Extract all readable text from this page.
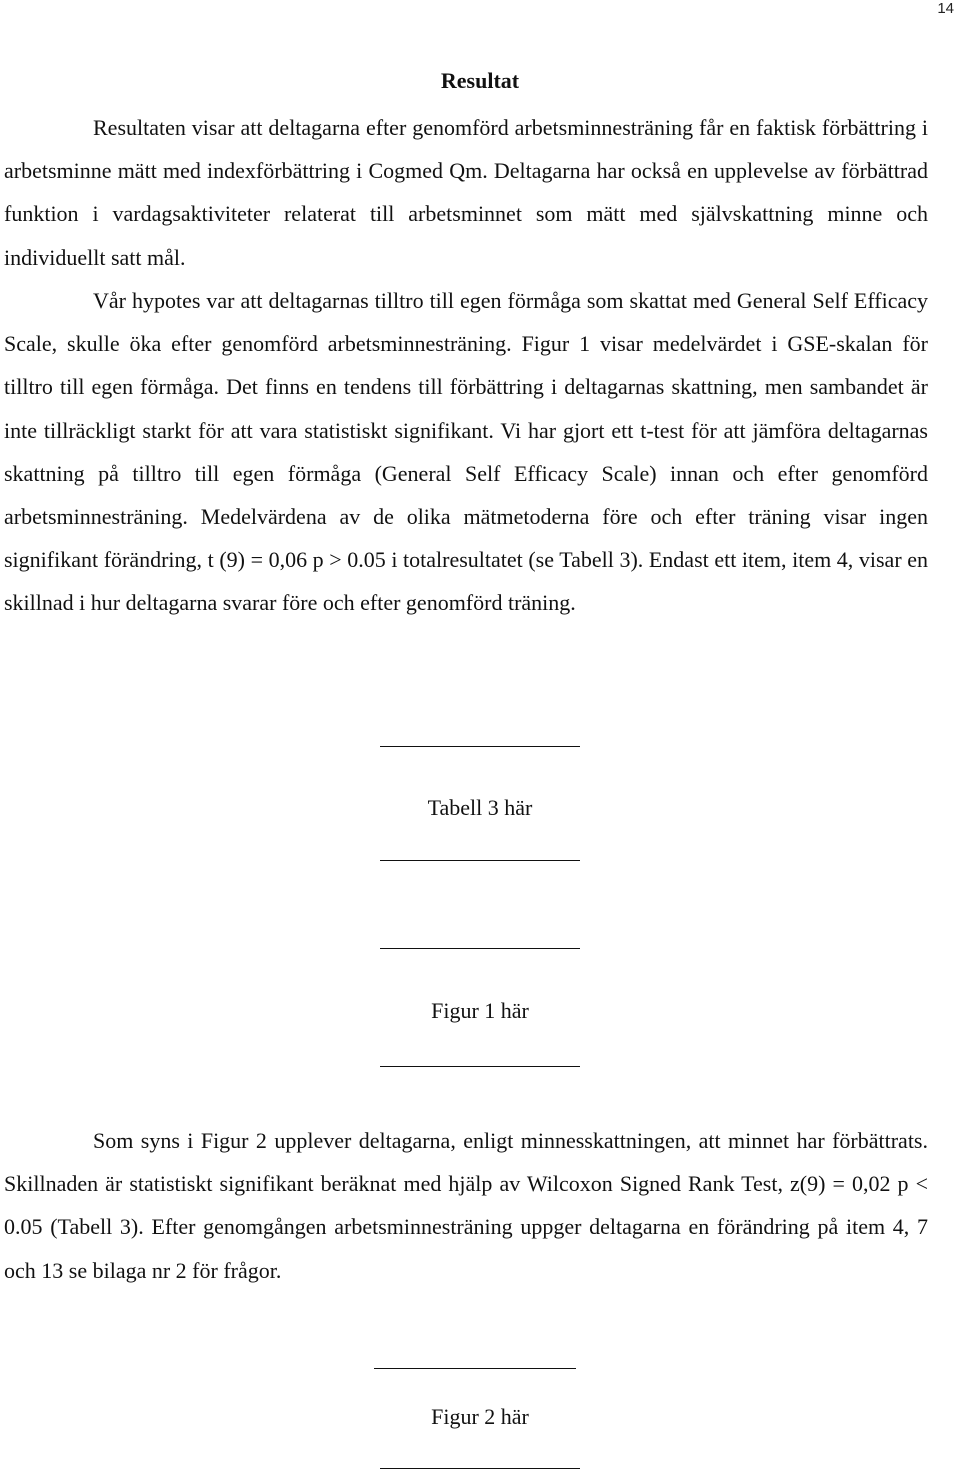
14
Resultat

Resultaten visar att deltagarna efter genomförd arbetsminnesträning får en faktisk förbättring i arbetsminne mätt med indexförbättring i Cogmed Qm. Deltagarna har också en upplevelse av förbättrad funktion i vardagsaktiviteter relaterat till arbetsminnet som mätt med självskattning minne och individuellt satt mål.

Vår hypotes var att deltagarnas tilltro till egen förmåga som skattat med General Self Efficacy Scale, skulle öka efter genomförd arbetsminnesträning. Figur 1 visar medelvärdet i GSE-skalan för tilltro till egen förmåga. Det finns en tendens till förbättring i deltagarnas skattning, men sambandet är inte tillräckligt starkt för att vara statistiskt signifikant. Vi har gjort ett t-test för att jämföra deltagarnas skattning på tilltro till egen förmåga (General Self Efficacy Scale) innan och efter genomförd arbetsminnesträning. Medelvärdena av de olika mätmetoderna före och efter träning visar ingen signifikant förändring, t (9) = 0,06 p > 0.05 i totalresultatet (se Tabell 3). Endast ett item, item 4, visar en skillnad i hur deltagarna svarar före och efter genomförd träning.

Tabell 3 här
Figur 1 här

Som syns i Figur 2 upplever deltagarna, enligt minnesskattningen, att minnet har förbättrats. Skillnaden är statistiskt signifikant beräknat med hjälp av Wilcoxon Signed Rank Test, z(9) = 0,02 p < 0.05 (Tabell 3). Efter genomgången arbetsminnesträning uppger deltagarna en förändring på item 4, 7 och 13 se bilaga nr 2 för frågor.

Figur 2 här
